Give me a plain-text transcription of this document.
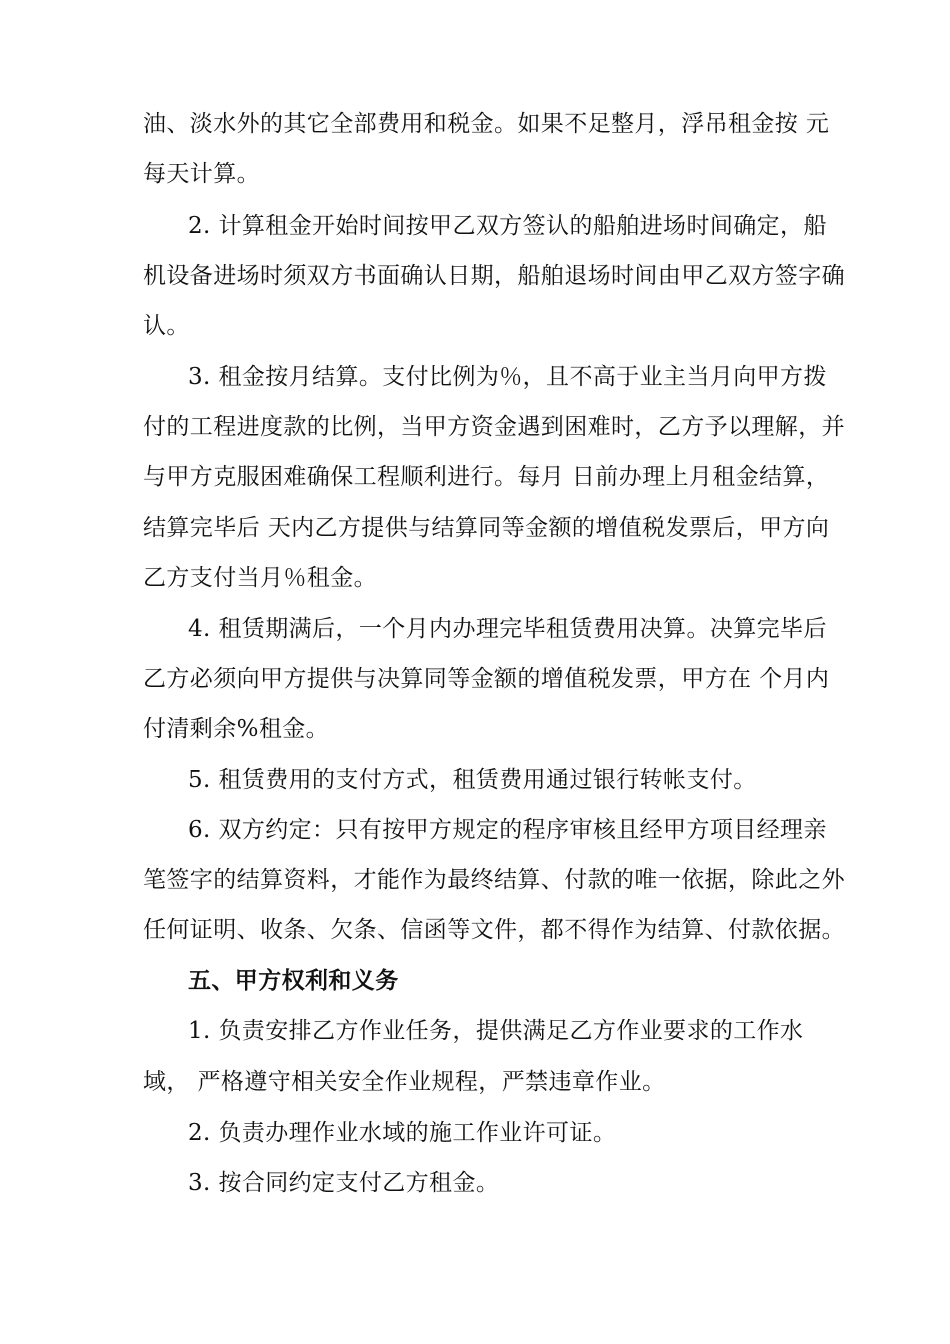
油、淡水外的其它全部费用和税金。如果不足整月，浮吊租金按 元
每天计算。
2. 计算租金开始时间按甲乙双方签认的船舶进场时间确定，船
机设备进场时须双方书面确认日期，船舶退场时间由甲乙双方签字确
认。
3. 租金按月结算。支付比例为％，且不高于业主当月向甲方拨
付的工程进度款的比例，当甲方资金遇到困难时，乙方予以理解，并
与甲方克服困难确保工程顺利进行。每月 日前办理上月租金结算，
结算完毕后 天内乙方提供与结算同等金额的增值税发票后，甲方向
乙方支付当月％租金。
4. 租赁期满后，一个月内办理完毕租赁费用决算。决算完毕后
乙方必须向甲方提供与决算同等金额的增值税发票，甲方在 个月内
付清剩余%租金。
5. 租赁费用的支付方式，租赁费用通过银行转帐支付。
6. 双方约定：只有按甲方规定的程序审核且经甲方项目经理亲
笔签字的结算资料，才能作为最终结算、付款的唯一依据，除此之外
任何证明、收条、欠条、信函等文件，都不得作为结算、付款依据。
五、甲方权利和义务
1. 负责安排乙方作业任务，提供满足乙方作业要求的工作水
域， 严格遵守相关安全作业规程，严禁违章作业。
2. 负责办理作业水域的施工作业许可证。
3. 按合同约定支付乙方租金。
